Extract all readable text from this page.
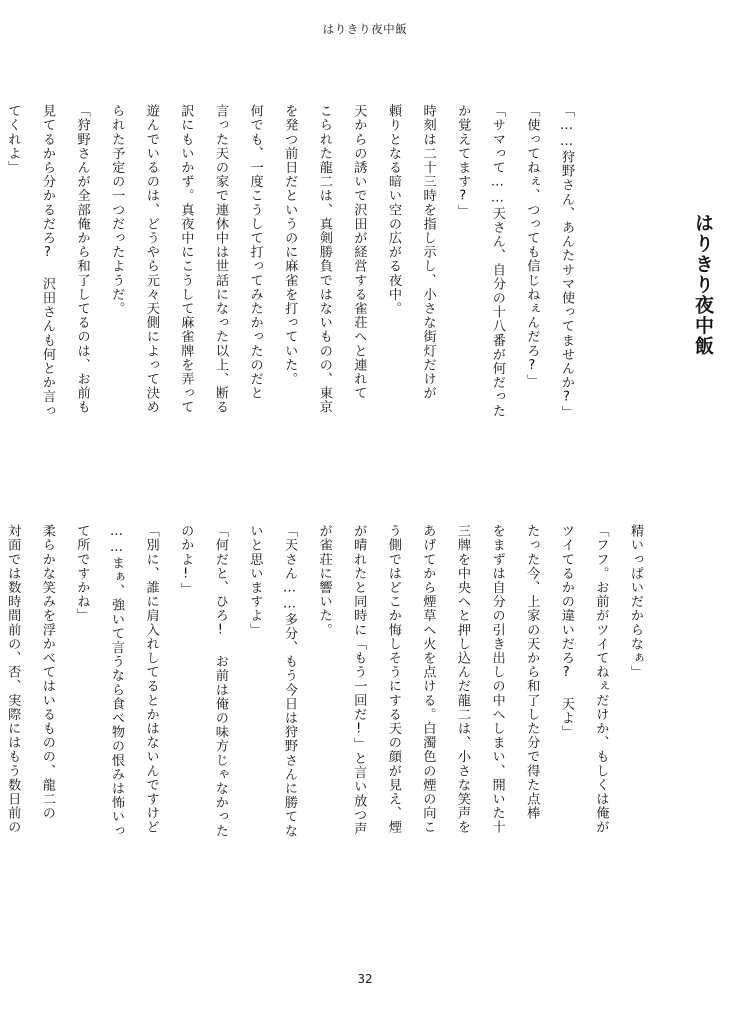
はりきり夜中飯
はりきり夜中飯
「……狩野さん、あんたサマ使ってませんか?」
「使ってねぇ、つっても信じねぇんだろ?」
「サマって……天さん、自分の十八番が何だった
か覚えてます?」
時刻は二十三時を指し示し、小さな街灯だけが
頼りとなる暗い空の広がる夜中。
天からの誘いで沢田が経営する雀荘へと連れて
こられた龍二は、真剣勝負ではないものの、東京
を発つ前日だというのに麻雀を打っていた。
何でも、一度こうして打ってみたかったのだと
言った天の家で連休中は世話になった以上、断る
訳にもいかず。真夜中にこうして麻雀牌を弄って
遊んでいるのは、どうやら元々天側によって決め
られた予定の一つだったようだ。
「狩野さんが全部俺から和了してるのは、お前も
見てるから分かるだろ? 沢田さんも何とか言っ
てくれよ」
精いっぱいだからなぁ」
「フフ。お前がツイてねぇだけか、もしくは俺が
ツイてるかの違いだろ? 天よ」
たった今、上家の天から和了した分で得た点棒
をまずは自分の引き出しの中へしまい、開いた十
三牌を中央へと押し込んだ龍二は、小さな笑声を
あげてから煙草へ火を点ける。白濁色の煙の向こ
う側ではどこか悔しそうにする天の顔が見え、煙
が晴れたと同時に「もう一回だ!」と言い放つ声
が雀荘に響いた。
「天さん……多分、もう今日は狩野さんに勝てな
いと思いますよ」
「何だと、ひろ! お前は俺の味方じゃなかった
のかよ!」
「別に、誰に肩入れしてるとかはないんですけど
……まぁ、強いて言うなら食べ物の恨みは怖いっ
て所ですかね」
柔らかな笑みを浮かべてはいるものの、龍二の
対面では数時間前の、否、実際にはもう数日前の
32
